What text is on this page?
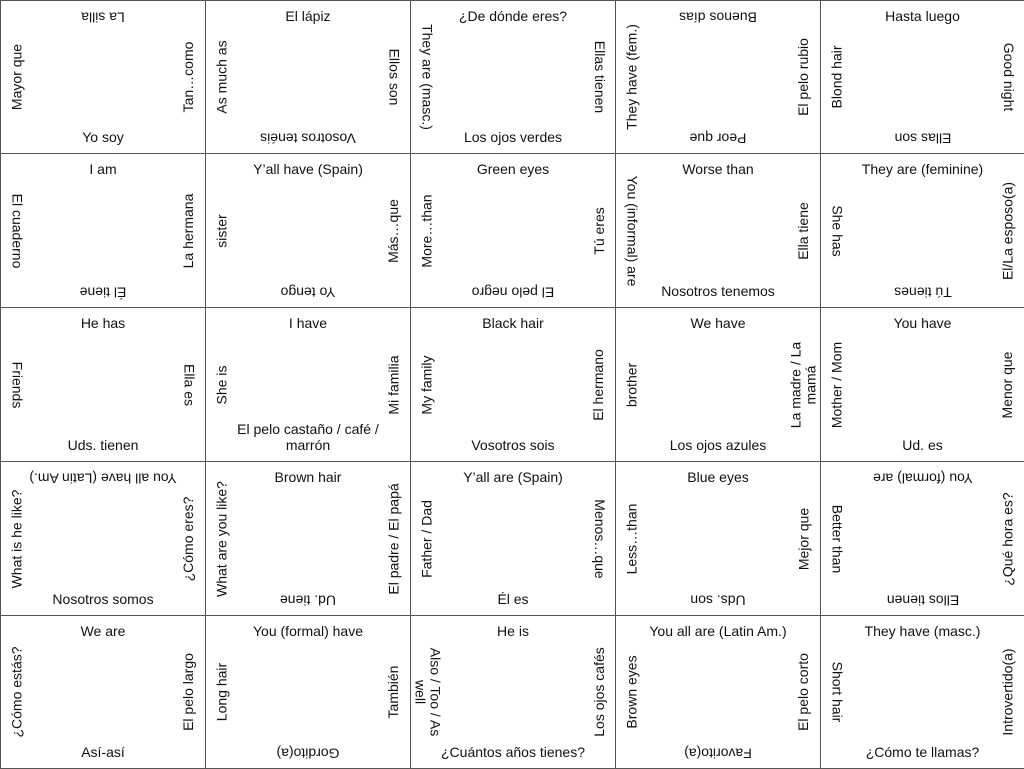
La silla
Yo soy
Mayor que	Tan…como
El lápiz
Vosotros tenéis
As much as	Ellos son
¿De dónde eres?
Los ojos verdes
They are (masc.)	Ellas tienen
Buenos días
Peor que
They have (fem.)	El pelo rubio
Hasta luego
Ellas son
Blond hair	Good night
I am
Él tiene
El cuaderno	La hermana
Y’all have (Spain)
Yo tengo
sister	Más…que
Green eyes
El pelo negro
More…than	Tú eres
Worse than
Nosotros tenemos
You (informal) are	Ella tiene
They are (feminine)
Tú tienes
She has	El/La esposo(a)
He has
Uds. tienen
Friends	Ella es
I have
El pelo castaño / café / marrón
She is	Mi familia
Black hair
Vosotros sois
My family	El hermano
We have
Los ojos azules
brother	La madre / La mamá
You have
Ud. es
Mother / Mom	Menor que
You all have (Latin Am.)
Nosotros somos
What is he like?	¿Cómo eres?
Brown hair
Ud. tiene
What are you like?	El padre / El papá
Y’all are (Spain)
Él es
Father / Dad	Menos…que
Blue eyes
Uds. son
Less…than	Mejor que
You (formal) are
Ellos tienen
Better than	¿Qué hora es?
We are
Así-así
¿Cómo estás?	El pelo largo
You (formal) have
Gordito(a)
Long hair	También
He is
¿Cuántos años tienes?
Also / Too / As well	Los ojos cafés
You all are (Latin Am.)
Favorito(a)
Brown eyes	El pelo corto
They have (masc.)
¿Cómo te llamas?
Short hair	Introvertido(a)
